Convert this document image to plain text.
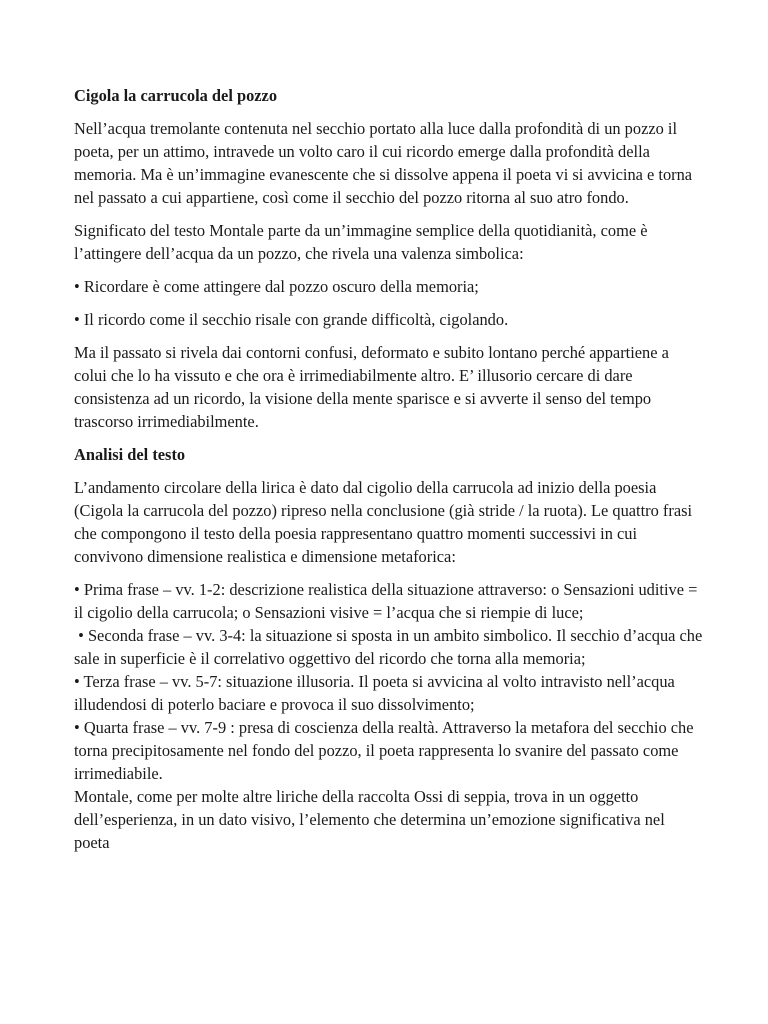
Cigola la carrucola del pozzo

Nell’acqua tremolante contenuta nel secchio portato alla luce dalla profondità di un pozzo il poeta, per un attimo, intravede un volto caro il cui ricordo emerge dalla profondità della memoria. Ma è un’immagine evanescente che si dissolve appena il poeta vi si avvicina e torna nel passato a cui appartiene, così come il secchio del pozzo ritorna al suo atro fondo.

Significato del testo Montale parte da un’immagine semplice della quotidianità, come è l’attingere dell’acqua da un pozzo, che rivela una valenza simbolica:

• Ricordare è come attingere dal pozzo oscuro della memoria;

• Il ricordo come il secchio risale con grande difficoltà, cigolando.

Ma il passato si rivela dai contorni confusi, deformato e subito lontano perché appartiene a colui che lo ha vissuto e che ora è irrimediabilmente altro. E’ illusorio cercare di dare consistenza ad un ricordo, la visione della mente sparisce e si avverte il senso del tempo trascorso irrimediabilmente.

Analisi del testo

L’andamento circolare della lirica è dato dal cigolio della carrucola ad inizio della poesia (Cigola la carrucola del pozzo) ripreso nella conclusione (già stride / la ruota). Le quattro frasi che compongono il testo della poesia rappresentano quattro momenti successivi in cui convivono dimensione realistica e dimensione metaforica:

• Prima frase – vv. 1-2: descrizione realistica della situazione attraverso: o Sensazioni uditive = il cigolio della carrucola; o Sensazioni visive = l’acqua che si riempie di luce;

• Seconda frase – vv. 3-4: la situazione si sposta in un ambito simbolico. Il secchio d’acqua che sale in superficie è il correlativo oggettivo del ricordo che torna alla memoria;

• Terza frase – vv. 5-7: situazione illusoria. Il poeta si avvicina al volto intravisto nell’acqua illudendosi di poterlo baciare e provoca il suo dissolvimento;

• Quarta frase – vv. 7-9 : presa di coscienza della realtà. Attraverso la metafora del secchio che torna precipitosamente nel fondo del pozzo, il poeta rappresenta lo svanire del passato come irrimediabile.

Montale, come per molte altre liriche della raccolta Ossi di seppia, trova in un oggetto dell’esperienza, in un dato visivo, l’elemento che determina un’emozione significativa nel poeta
